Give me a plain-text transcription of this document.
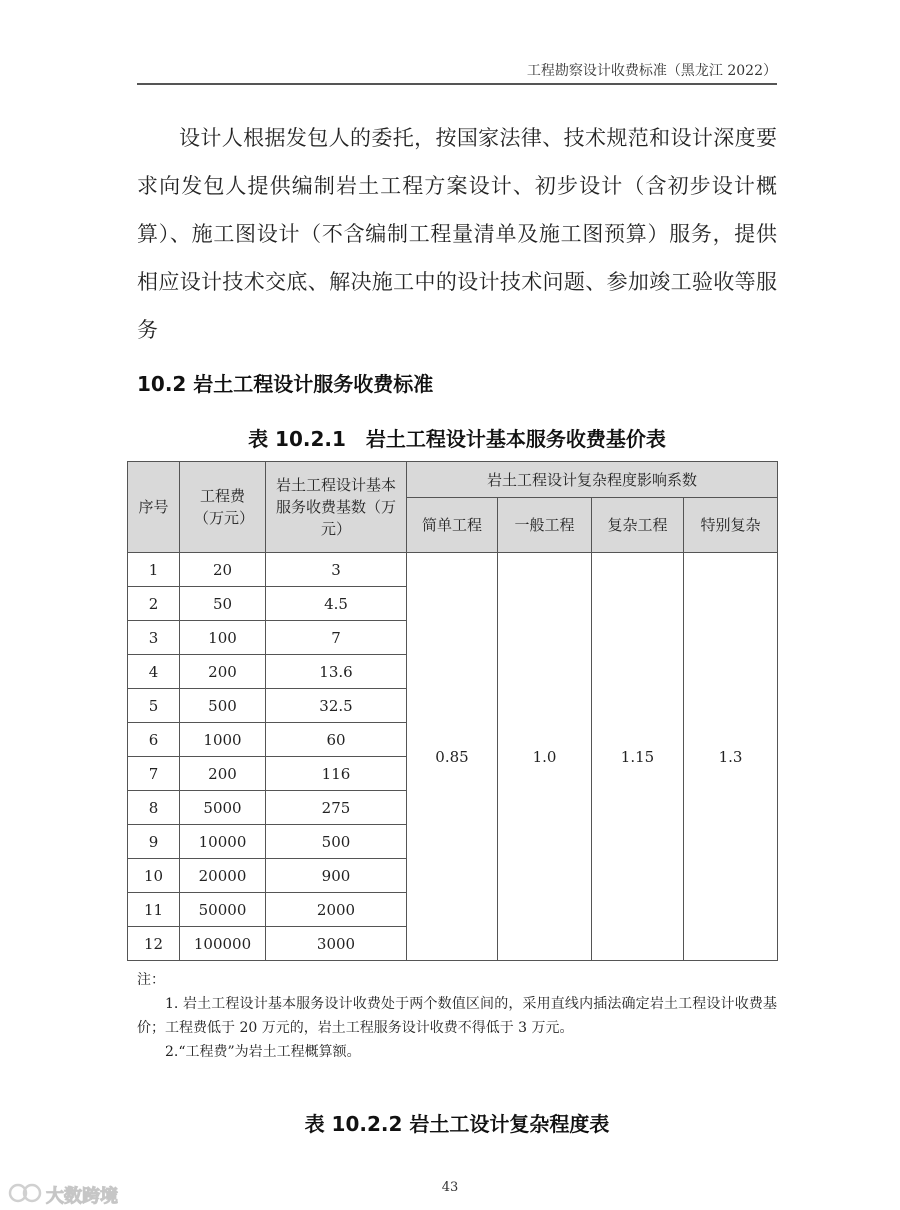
工程勘察设计收费标准（黑龙江 2022）

设计人根据发包人的委托，按国家法律、技术规范和设计深度要求向发包人提供编制岩土工程方案设计、初步设计（含初步设计概算）、施工图设计（不含编制工程量清单及施工图预算）服务，提供相应设计技术交底、解决施工中的设计技术问题、参加竣工验收等服务

10.2 岩土工程设计服务收费标准
表 10.2.1　岩土工程设计基本服务收费基价表
序号	工程费（万元）	岩土工程设计基本服务收费基数（万元）	岩土工程设计复杂程度影响系数			
			简单工程	一般工程	复杂工程	特别复杂
1	20	3	0.85	1.0	1.15	1.3
2	50	4.5				
3	100	7				
4	200	13.6				
5	500	32.5				
6	1000	60				
7	200	116				
8	5000	275				
9	10000	500				
10	20000	900				
11	50000	2000				
12	100000	3000				

注：

1. 岩土工程设计基本服务设计收费处于两个数值区间的，采用直线内插法确定岩土工程设计收费基价；工程费低于 20 万元的，岩土工程服务设计收费不得低于 3 万元。

2.“工程费”为岩土工程概算额。

表 10.2.2 岩土工设计复杂程度表
43
大数跨境
